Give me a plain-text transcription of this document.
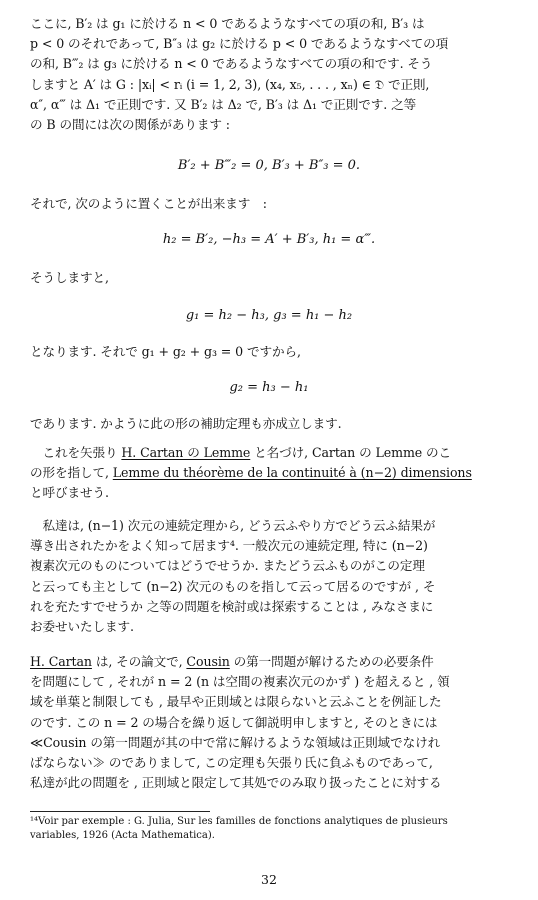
ここに, B′₂ は g₁ に於ける n < 0 であるようなすべての項の和, B′₃ は
p < 0 のそれであって, B″₃ は g₂ に於ける p < 0 であるようなすべての項
の和, B‴₂ は g₃ に於ける n < 0 であるようなすべての項の和です. そう
しますと A′ は G : |xᵢ| < rᵢ (i = 1, 2, 3), (x₄, x₅, . . . , xₙ) ∈ 𝔇 で正則,
α″, α‴ は Δ₁ で正則です. 又 B′₂ は Δ₂ で, B′₃ は Δ₁ で正則です. 之等
の B の間には次の関係があります :
B′₂ + B‴₂ = 0, B′₃ + B″₃ = 0.
それで, 次のように置くことが出来ます　:
h₂ = B′₂, −h₃ = A′ + B′₃, h₁ = α‴.
そうしますと,
g₁ = h₂ − h₃, g₃ = h₁ − h₂
となります. それで g₁ + g₂ + g₃ = 0 ですから,
g₂ = h₃ − h₁
であります. かように此の形の補助定理も亦成立します.
　これを矢張り H. Cartan の Lemme と名づけ, Cartan の Lemme のこ
の形を指して, Lemme du théorème de la continuité à (n−2) dimensions
と呼びませう.
　私達は, (n−1) 次元の連続定理から, どう云ふやり方でどう云ふ結果が
導き出されたかをよく知って居ます⁴. 一般次元の連続定理, 特に (n−2)
複素次元のものについてはどうでせうか. またどう云ふものがこの定理
と云っても主として (n−2) 次元のものを指して云って居るのですが , そ
れを充たすでせうか 之等の問題を検討或は探索することは , みなさまに
お委せいたします.
H. Cartan は, その論文で, Cousin の第一問題が解けるための必要条件
を問題にして , それが n = 2 (n は空間の複素次元のかず ) を超えると , 領
域を単葉と制限しても , 最早や正則域とは限らないと云ふことを例証した
のです. この n = 2 の場合を繰り返して御説明申しますと, そのときには
≪Cousin の第一問題が其の中で常に解けるような領域は正則域でなけれ
ばならない≫ のでありまして, この定理も矢張り氏に負ふものであって,
私達が此の問題を , 正則域と限定して其処でのみ取り扱ったことに対する
¹⁴Voir par exemple : G. Julia, Sur les familles de fonctions analytiques de plusieurs
variables, 1926 (Acta Mathematica).
32
